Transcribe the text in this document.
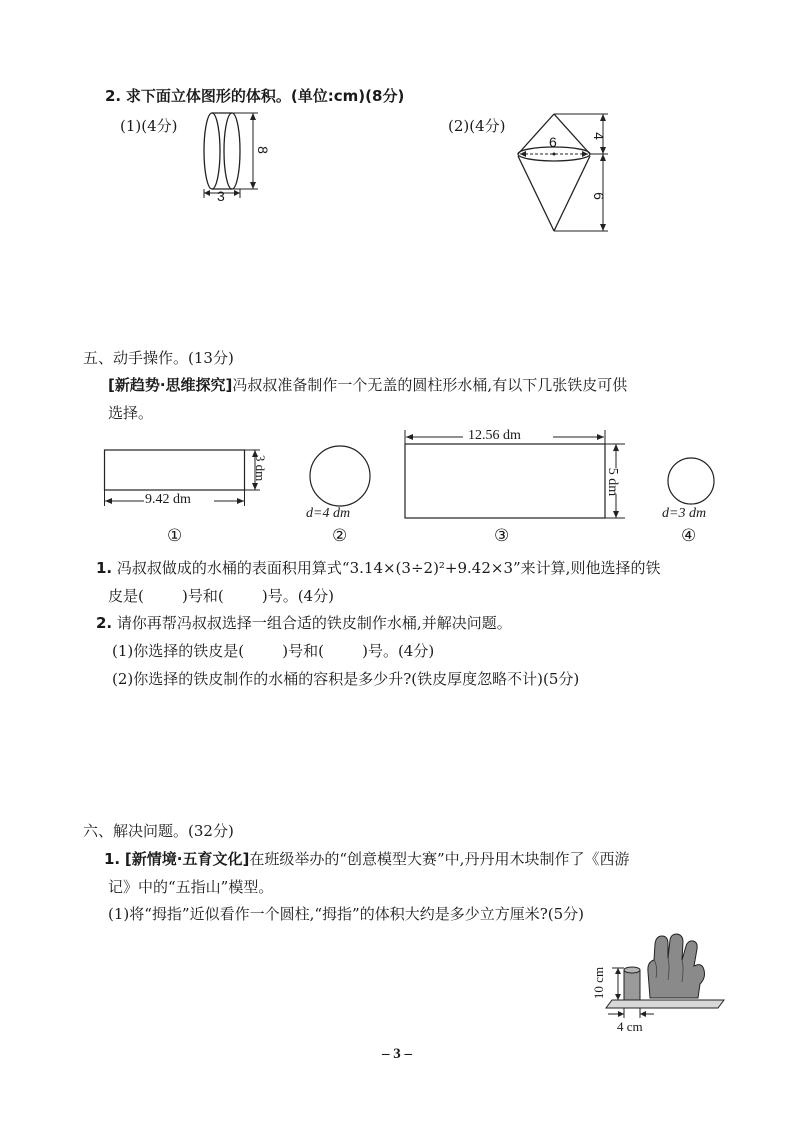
2. 求下面立体图形的体积。(单位:cm)(8分)
(1)(4分)	(2)(4分)
8
3
6 4
6
五、动手操作。(13分)
[新趋势·思维探究]冯叔叔准备制作一个无盖的圆柱形水桶,有以下几张铁皮可供
选择。
9.42 dm
3 dm
d=4 dm
12.56 dm
5 dm
d=3 dm
①	②	③	④
1. 冯叔叔做成的水桶的表面积用算式“3.14×(3÷2)²+9.42×3”来计算,则他选择的铁
皮是(        )号和(        )号。(4分)
2. 请你再帮冯叔叔选择一组合适的铁皮制作水桶,并解决问题。
(1)你选择的铁皮是(        )号和(        )号。(4分)
(2)你选择的铁皮制作的水桶的容积是多少升?(铁皮厚度忽略不计)(5分)
六、解决问题。(32分)
1. [新情境·五育文化]在班级举办的“创意模型大赛”中,丹丹用木块制作了《西游
记》中的“五指山”模型。
(1)将“拇指”近似看作一个圆柱,“拇指”的体积大约是多少立方厘米?(5分)
10 cm
4 cm
– 3 –
